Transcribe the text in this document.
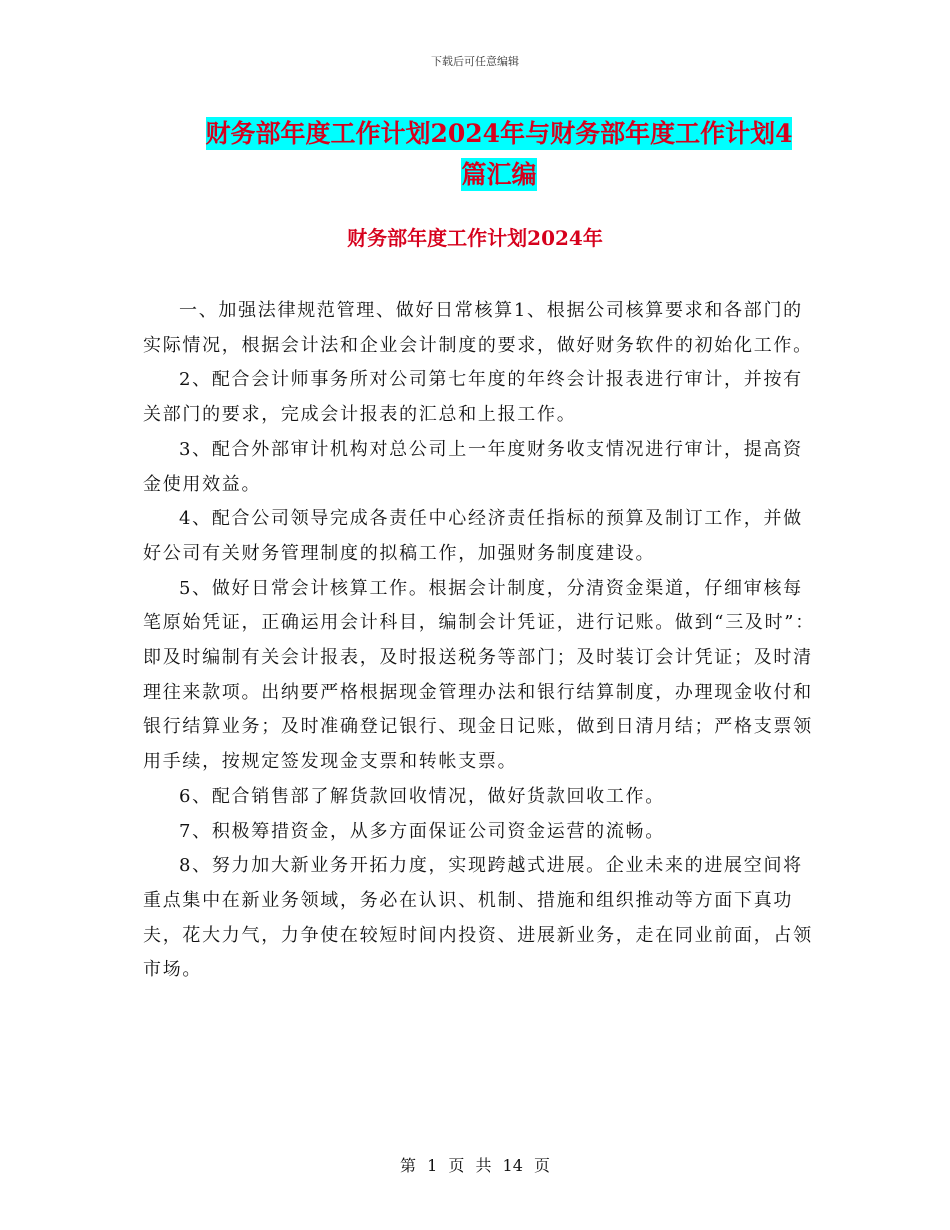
下载后可任意编辑
财务部年度工作计划2024年与财务部年度工作计划4
篇汇编
财务部年度工作计划2024年

一、加强法律规范管理、做好日常核算1、根据公司核算要求和各部门的实际情况，根据会计法和企业会计制度的要求，做好财务软件的初始化工作。

2、配合会计师事务所对公司第七年度的年终会计报表进行审计，并按有关部门的要求，完成会计报表的汇总和上报工作。

3、配合外部审计机构对总公司上一年度财务收支情况进行审计，提高资金使用效益。

4、配合公司领导完成各责任中心经济责任指标的预算及制订工作，并做好公司有关财务管理制度的拟稿工作，加强财务制度建设。

5、做好日常会计核算工作。根据会计制度，分清资金渠道，仔细审核每笔原始凭证，正确运用会计科目，编制会计凭证，进行记账。做到“三及时”：即及时编制有关会计报表，及时报送税务等部门；及时装订会计凭证；及时清理往来款项。出纳要严格根据现金管理办法和银行结算制度，办理现金收付和银行结算业务；及时准确登记银行、现金日记账，做到日清月结；严格支票领用手续，按规定签发现金支票和转帐支票。

6、配合销售部了解货款回收情况，做好货款回收工作。

7、积极筹措资金，从多方面保证公司资金运营的流畅。

8、努力加大新业务开拓力度，实现跨越式进展。企业未来的进展空间将重点集中在新业务领域，务必在认识、机制、措施和组织推动等方面下真功夫，花大力气，力争使在较短时间内投资、进展新业务，走在同业前面，占领市场。

第 1 页 共 14 页
